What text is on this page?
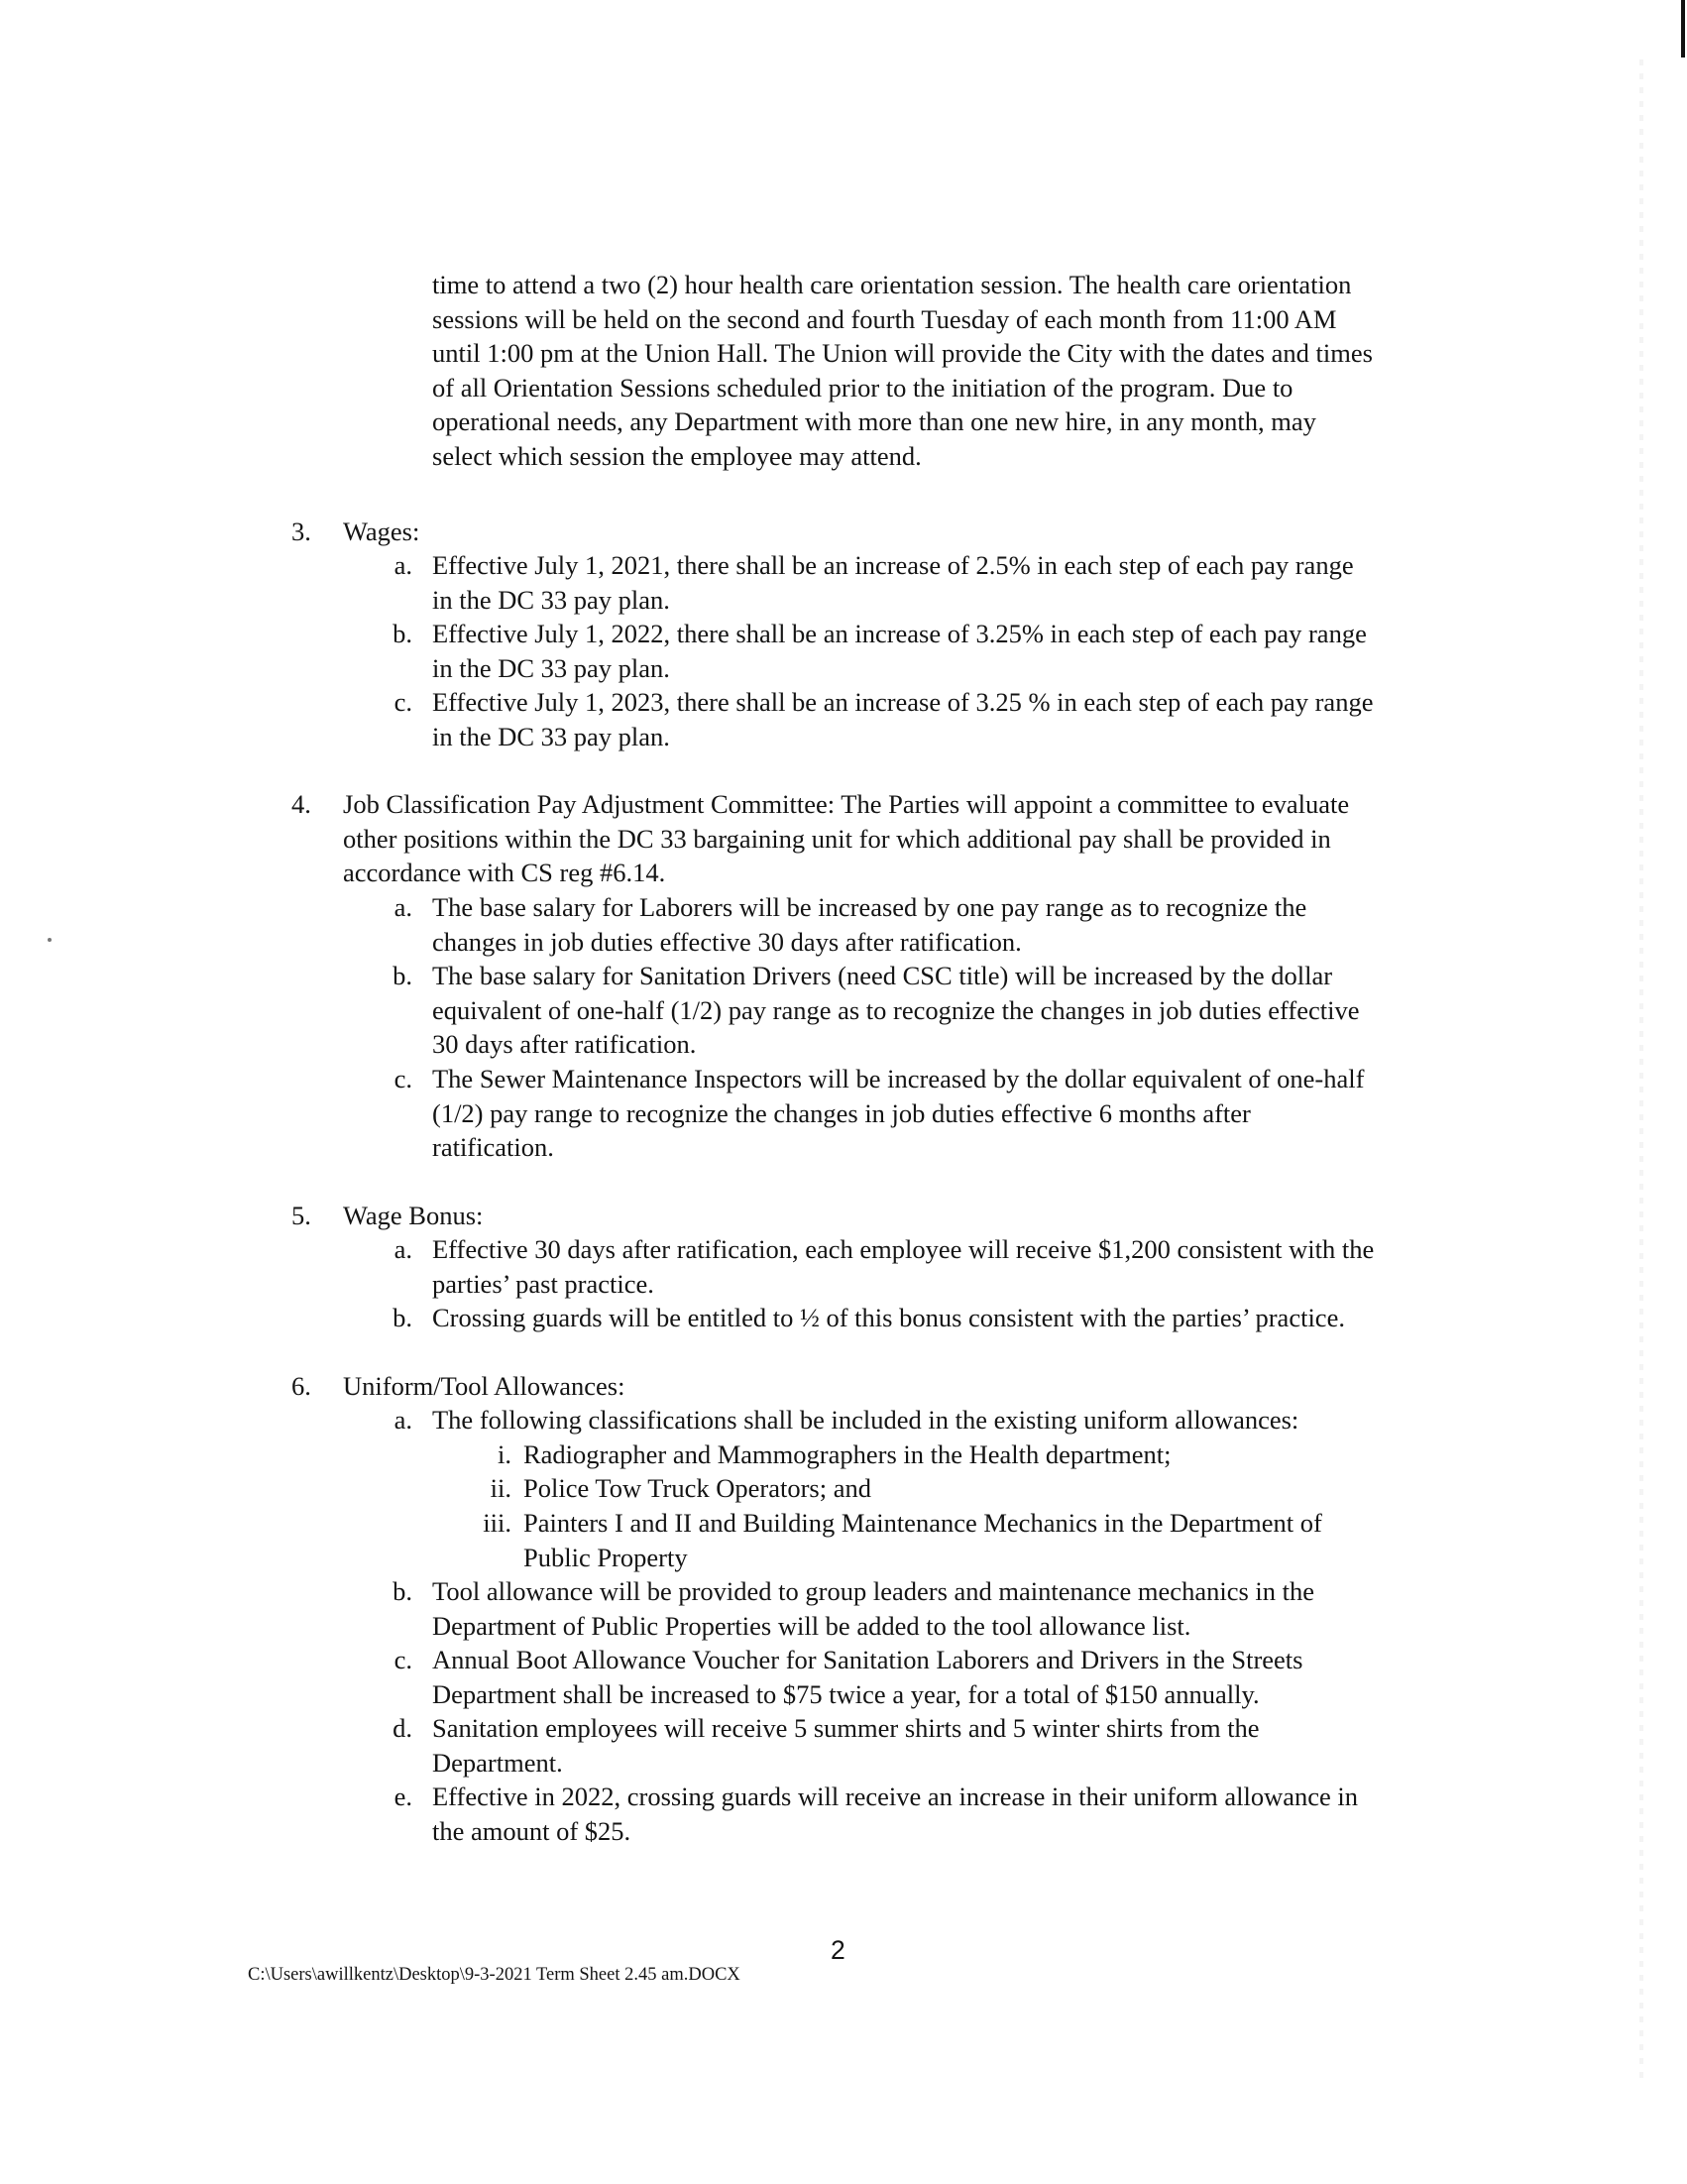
time to attend a two (2) hour health care orientation session. The health care orientation
sessions will be held on the second and fourth Tuesday of each month from 11:00 AM
until 1:00 pm at the Union Hall. The Union will provide the City with the dates and times
of all Orientation Sessions scheduled prior to the initiation of the program. Due to
operational needs, any Department with more than one new hire, in any month, may
select which session the employee may attend.
3.	Wages:
a. Effective July 1, 2021, there shall be an increase of 2.5% in each step of each pay range
in the DC 33 pay plan.
b. Effective July 1, 2022, there shall be an increase of 3.25% in each step of each pay range
in the DC 33 pay plan.
c. Effective July 1, 2023, there shall be an increase of 3.25 % in each step of each pay range
in the DC 33 pay plan.
4.	Job Classification Pay Adjustment Committee: The Parties will appoint a committee to evaluate
other positions within the DC 33 bargaining unit for which additional pay shall be provided in
accordance with CS reg #6.14.
a. The base salary for Laborers will be increased by one pay range as to recognize the
changes in job duties effective 30 days after ratification.
b. The base salary for Sanitation Drivers (need CSC title) will be increased by the dollar
equivalent of one-half (1/2) pay range as to recognize the changes in job duties effective
30 days after ratification.
c. The Sewer Maintenance Inspectors will be increased by the dollar equivalent of one-half
(1/2) pay range to recognize the changes in job duties effective 6 months after
ratification.
5.	Wage Bonus:
a. Effective 30 days after ratification, each employee will receive $1,200 consistent with the
parties’ past practice.
b. Crossing guards will be entitled to ½ of this bonus consistent with the parties’ practice.
6.	Uniform/Tool Allowances:
a. The following classifications shall be included in the existing uniform allowances:
i. Radiographer and Mammographers in the Health department;
ii. Police Tow Truck Operators; and
iii. Painters I and II and Building Maintenance Mechanics in the Department of
Public Property
b. Tool allowance will be provided to group leaders and maintenance mechanics in the
Department of Public Properties will be added to the tool allowance list.
c. Annual Boot Allowance Voucher for Sanitation Laborers and Drivers in the Streets
Department shall be increased to $75 twice a year, for a total of $150 annually.
d. Sanitation employees will receive 5 summer shirts and 5 winter shirts from the
Department.
e. Effective in 2022, crossing guards will receive an increase in their uniform allowance in
the amount of $25.
2
C:\Users\awillkentz\Desktop\9-3-2021 Term Sheet 2.45 am.DOCX
